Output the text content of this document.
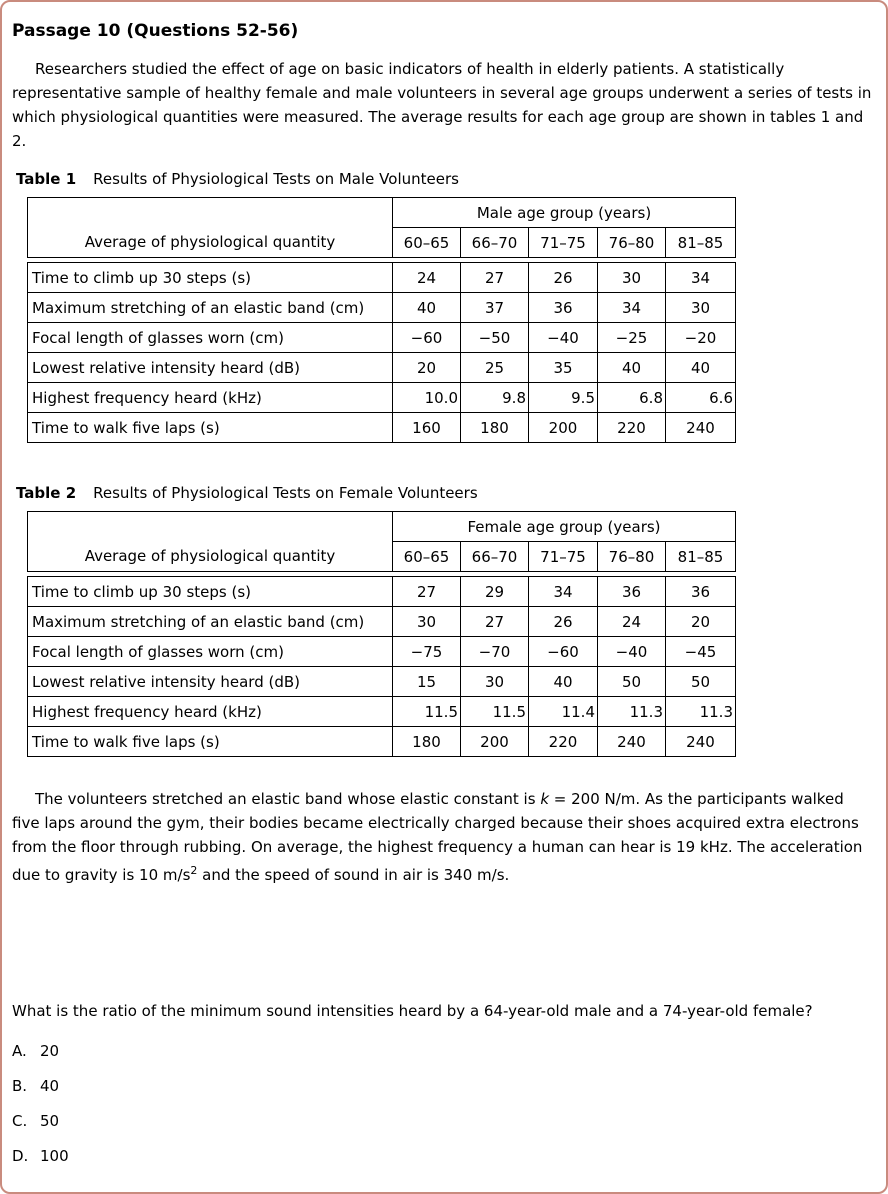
Passage 10 (Questions 52-56)

Researchers studied the effect of age on basic indicators of health in elderly patients. A statistically representative sample of healthy female and male volunteers in several age groups underwent a series of tests in which physiological quantities were measured. The average results for each age group are shown in tables 1 and 2.

Table 1 Results of Physiological Tests on Male Volunteers
Average of physiological quantity	Male age group (years)				
	60–65	66–70	71–75	76–80	81–85
Time to climb up 30 steps (s)	24	27	26	30	34
Maximum stretching of an elastic band (cm)	40	37	36	34	30
Focal length of glasses worn (cm)	−60	−50	−40	−25	−20
Lowest relative intensity heard (dB)	20	25	35	40	40
Highest frequency heard (kHz)	10.0	9.8	9.5	6.8	6.6
Time to walk five laps (s)	160	180	200	220	240
Table 2 Results of Physiological Tests on Female Volunteers
Average of physiological quantity	Female age group (years)				
	60–65	66–70	71–75	76–80	81–85
Time to climb up 30 steps (s)	27	29	34	36	36
Maximum stretching of an elastic band (cm)	30	27	26	24	20
Focal length of glasses worn (cm)	−75	−70	−60	−40	−45
Lowest relative intensity heard (dB)	15	30	40	50	50
Highest frequency heard (kHz)	11.5	11.5	11.4	11.3	11.3
Time to walk five laps (s)	180	200	220	240	240

The volunteers stretched an elastic band whose elastic constant is k = 200 N/m. As the participants walked five laps around the gym, their bodies became electrically charged because their shoes acquired extra electrons from the floor through rubbing. On average, the highest frequency a human can hear is 19 kHz. The acceleration due to gravity is 10 $m/s^2$ and the speed of sound in air is 340 m/s.

What is the ratio of the minimum sound intensities heard by a 64-year-old male and a 74-year-old female?

A. 20
B. 40
C. 50
D. 100
